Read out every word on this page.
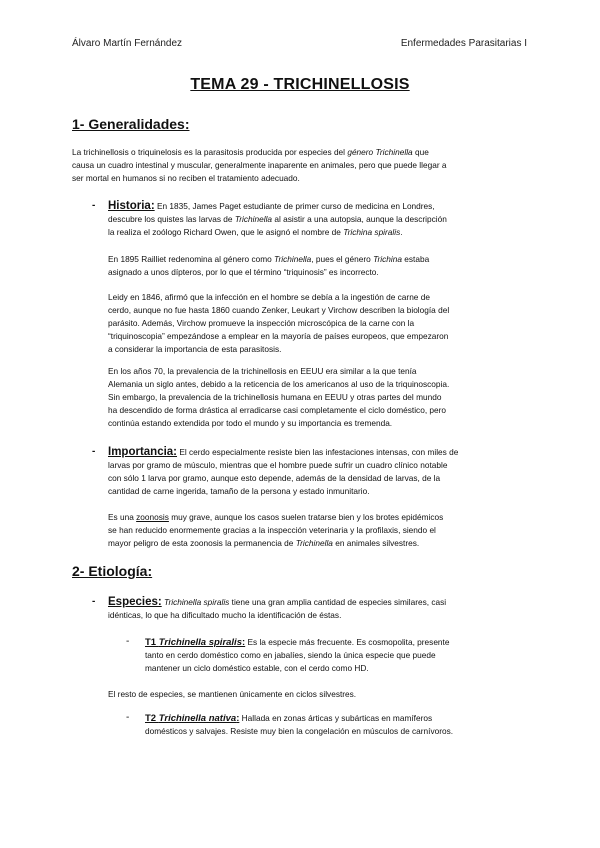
Álvaro Martín Fernández	Enfermedades Parasitarias I
TEMA 29 - TRICHINELLOSIS
1- Generalidades:
La trichinellosis o triquinelosis es la parasitosis producida por especies del género Trichinella que
causa un cuadro intestinal y muscular, generalmente inaparente en animales, pero que puede llegar a
ser mortal en humanos si no reciben el tratamiento adecuado.
- Historia: En 1835, James Paget estudiante de primer curso de medicina en Londres,
descubre los quistes las larvas de Trichinella al asistir a una autopsia, aunque la descripción
la realiza el zoólogo Richard Owen, que le asignó el nombre de Trichina spiralis.
En 1895 Railliet redenomina al género como Trichinella, pues el género Trichina estaba
asignado a unos dípteros, por lo que el término “triquinosis” es incorrecto.
Leidy en 1846, afirmó que la infección en el hombre se debía a la ingestión de carne de
cerdo, aunque no fue hasta 1860 cuando Zenker, Leukart y Virchow describen la biología del
parásito. Además, Virchow promueve la inspección microscópica de la carne con la
“triquinoscopia” empezándose a emplear en la mayoría de países europeos, que empezaron
a considerar la importancia de esta parasitosis.
En los años 70, la prevalencia de la trichinellosis en EEUU era similar a la que tenía
Alemania un siglo antes, debido a la reticencia de los americanos al uso de la triquinoscopia.
Sin embargo, la prevalencia de la trichinellosis humana en EEUU y otras partes del mundo
ha descendido de forma drástica al erradicarse casi completamente el ciclo doméstico, pero
continúa estando extendida por todo el mundo y su importancia es tremenda.
- Importancia: El cerdo especialmente resiste bien las infestaciones intensas, con miles de
larvas por gramo de músculo, mientras que el hombre puede sufrir un cuadro clínico notable
con sólo 1 larva por gramo, aunque esto depende, además de la densidad de larvas, de la
cantidad de carne ingerida, tamaño de la persona y estado inmunitario.
Es una zoonosis muy grave, aunque los casos suelen tratarse bien y los brotes epidémicos
se han reducido enormemente gracias a la inspección veterinaria y la profilaxis, siendo el
mayor peligro de esta zoonosis la permanencia de Trichinella en animales silvestres.
2- Etiología:
- Especies: Trichinella spiralis tiene una gran amplia cantidad de especies similares, casi
idénticas, lo que ha dificultado mucho la identificación de éstas.
- T1 Trichinella spiralis: Es la especie más frecuente. Es cosmopolita, presente
tanto en cerdo doméstico como en jabalíes, siendo la única especie que puede
mantener un ciclo doméstico estable, con el cerdo como HD.
El resto de especies, se mantienen únicamente en ciclos silvestres.
- T2 Trichinella nativa: Hallada en zonas árticas y subárticas en mamíferos
domésticos y salvajes. Resiste muy bien la congelación en músculos de carnívoros.
